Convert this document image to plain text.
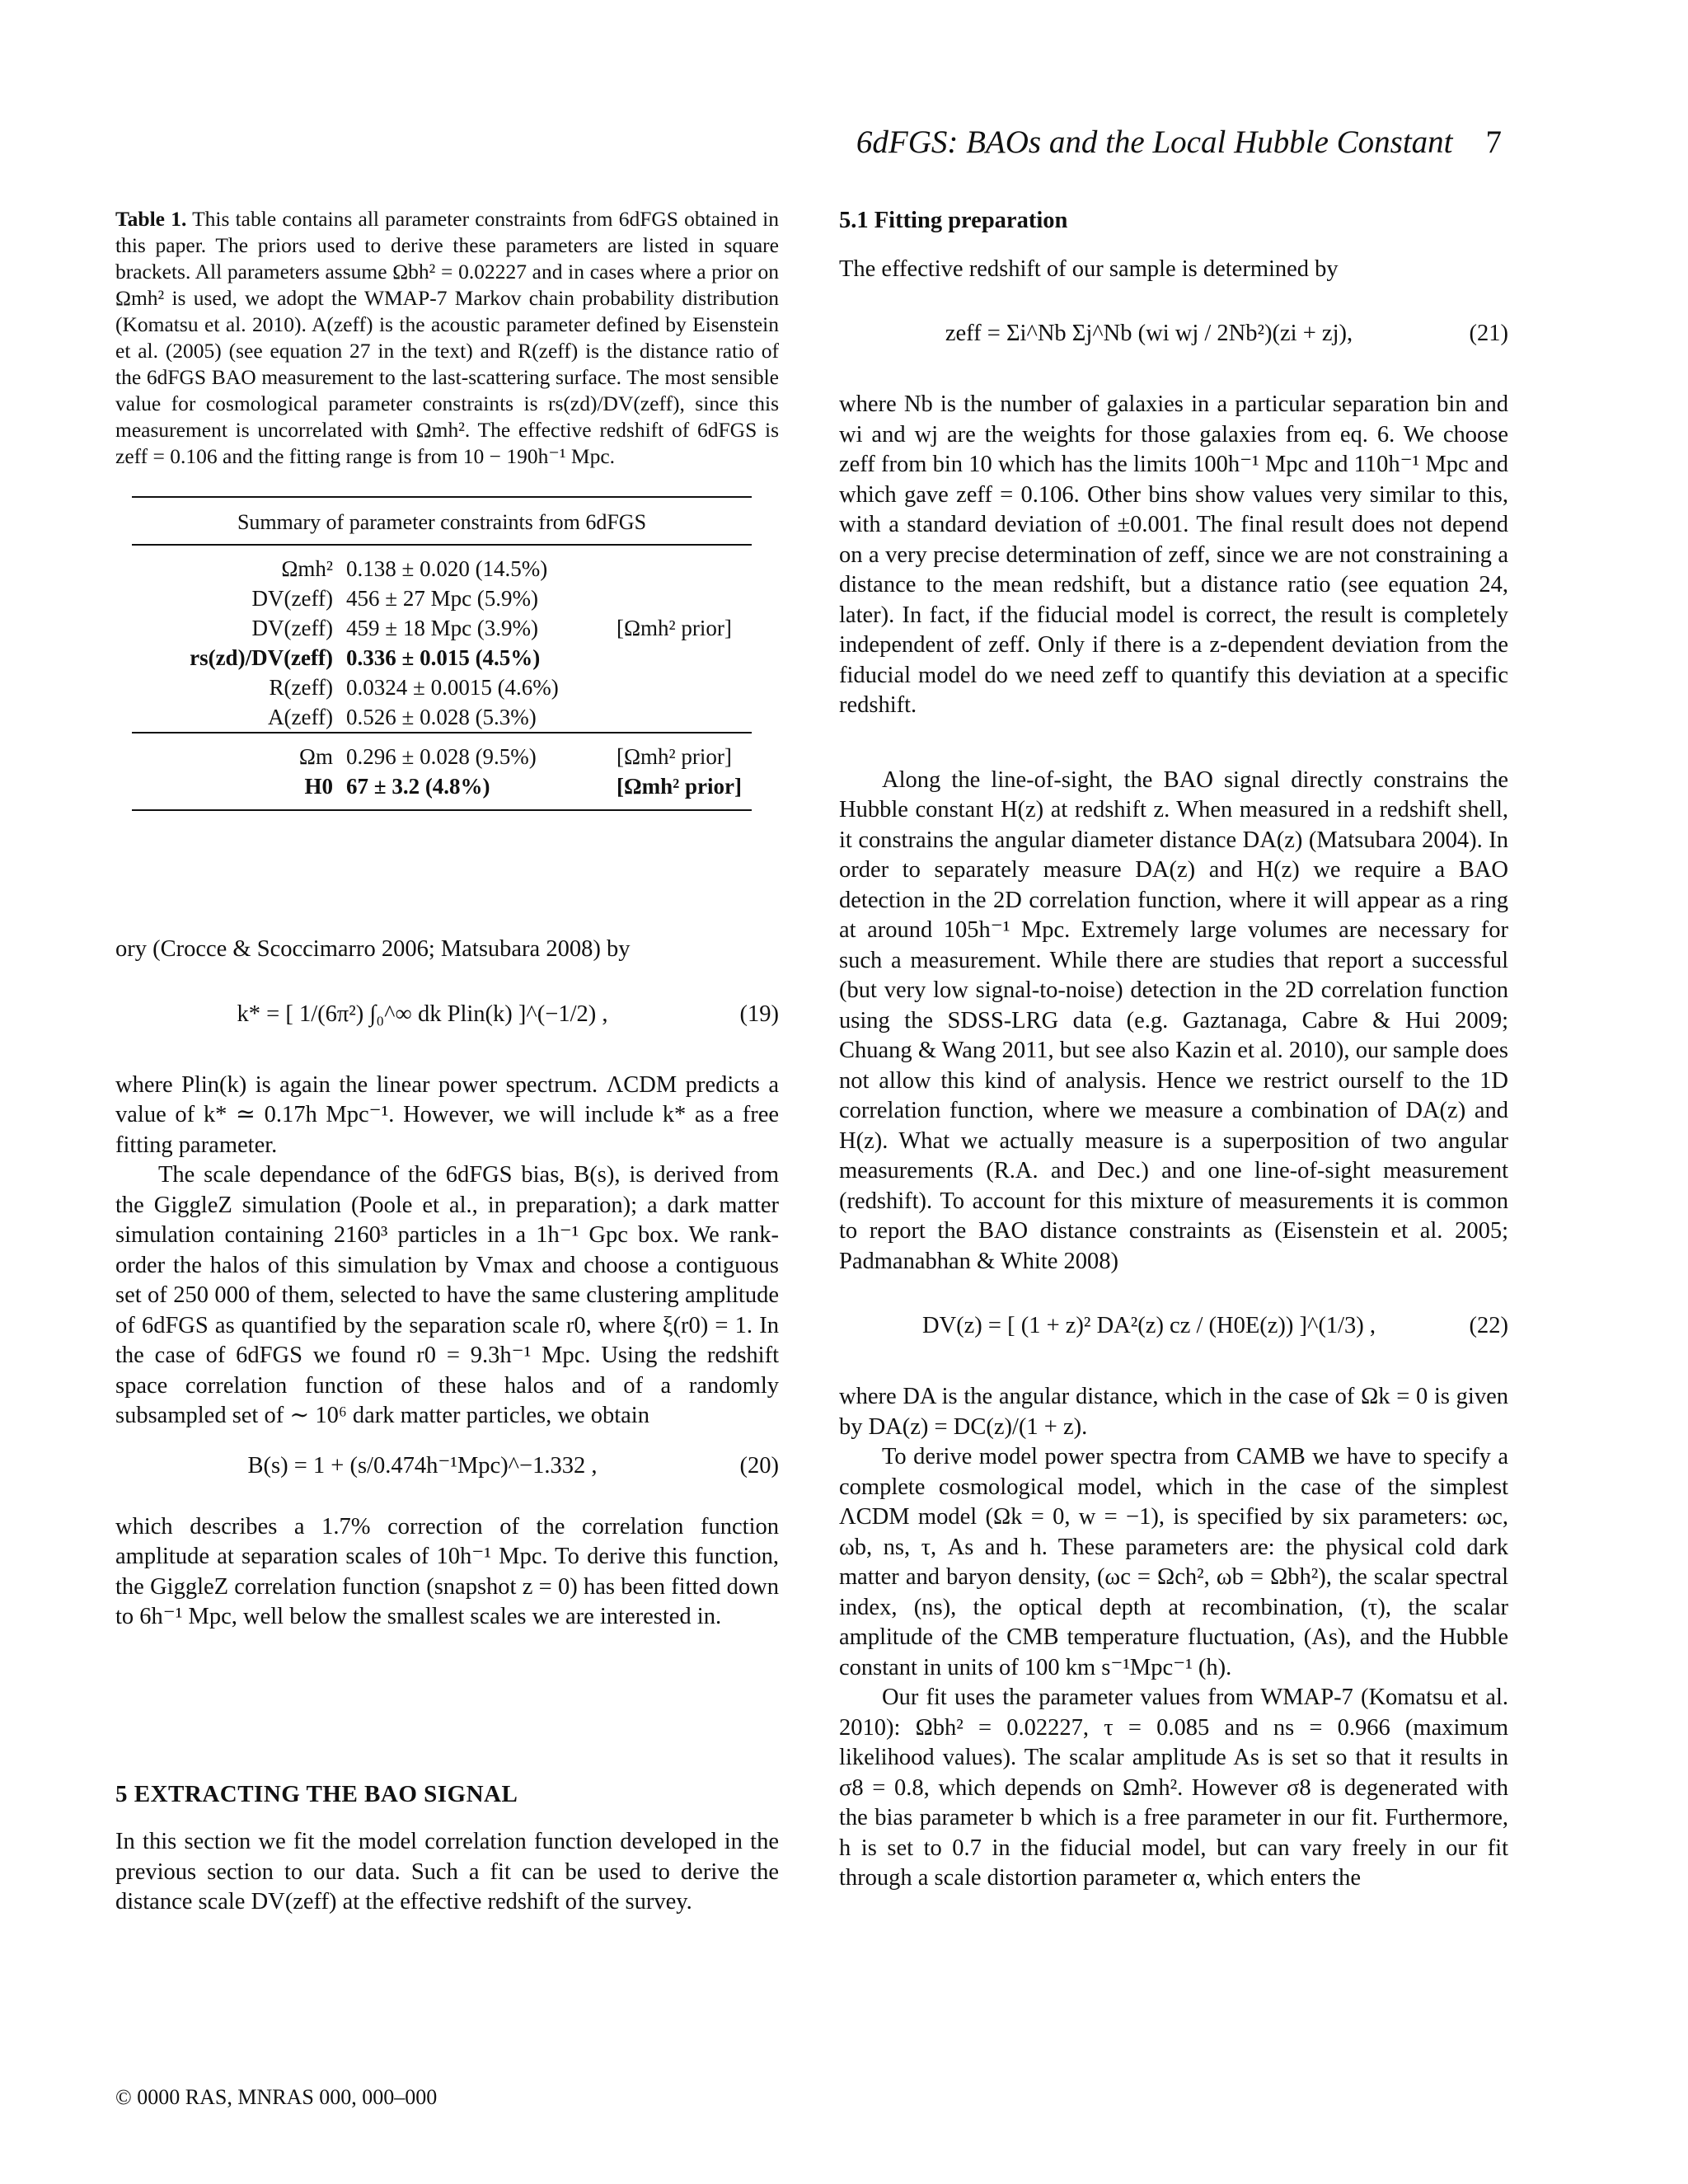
6dFGS: BAOs and the Local Hubble Constant 7

Table 1. This table contains all parameter constraints from 6dFGS obtained in this paper. The priors used to derive these parameters are listed in square brackets. All parameters assume Ωbh² = 0.02227 and in cases where a prior on Ωmh² is used, we adopt the WMAP-7 Markov chain probability distribution (Komatsu et al. 2010). A(zeff) is the acoustic parameter defined by Eisenstein et al. (2005) (see equation 27 in the text) and R(zeff) is the distance ratio of the 6dFGS BAO measurement to the last-scattering surface. The most sensible value for cosmological parameter constraints is rs(zd)/DV(zeff), since this measurement is uncorrelated with Ωmh². The effective redshift of 6dFGS is zeff = 0.106 and the fitting range is from 10 − 190h⁻¹ Mpc.

Summary of parameter constraints from 6dFGS		
Ωmh²	0.138 ± 0.020 (14.5%)	
DV(zeff)	456 ± 27 Mpc (5.9%)	
DV(zeff)	459 ± 18 Mpc (3.9%)	[Ωmh² prior]
rs(zd)/DV(zeff)	0.336 ± 0.015 (4.5%)	
R(zeff)	0.0324 ± 0.0015 (4.6%)	
A(zeff)	0.526 ± 0.028 (5.3%)	
Ωm	0.296 ± 0.028 (9.5%)	[Ωmh² prior]
H0	67 ± 3.2 (4.8%)	[Ωmh² prior]

ory (Crocce & Scoccimarro 2006; Matsubara 2008) by

k* = [ 1/(6π²) ∫₀^∞ dk Plin(k) ]^(−1/2) ,	(19)

where Plin(k) is again the linear power spectrum. ΛCDM predicts a value of k* ≃ 0.17h Mpc⁻¹. However, we will include k* as a free fitting parameter.

The scale dependance of the 6dFGS bias, B(s), is derived from the GiggleZ simulation (Poole et al., in preparation); a dark matter simulation containing 2160³ particles in a 1h⁻¹ Gpc box. We rank-order the halos of this simulation by Vmax and choose a contiguous set of 250 000 of them, selected to have the same clustering amplitude of 6dFGS as quantified by the separation scale r0, where ξ(r0) = 1. In the case of 6dFGS we found r0 = 9.3h⁻¹ Mpc. Using the redshift space correlation function of these halos and of a randomly subsampled set of ∼ 10⁶ dark matter particles, we obtain

B(s) = 1 + (s/0.474h⁻¹Mpc)^−1.332 ,	(20)

which describes a 1.7% correction of the correlation function amplitude at separation scales of 10h⁻¹ Mpc. To derive this function, the GiggleZ correlation function (snapshot z = 0) has been fitted down to 6h⁻¹ Mpc, well below the smallest scales we are interested in.

5 EXTRACTING THE BAO SIGNAL

In this section we fit the model correlation function developed in the previous section to our data. Such a fit can be used to derive the distance scale DV(zeff) at the effective redshift of the survey.

5.1 Fitting preparation

The effective redshift of our sample is determined by

zeff = Σi^Nb Σj^Nb (wi wj / 2Nb²)(zi + zj),	(21)

where Nb is the number of galaxies in a particular separation bin and wi and wj are the weights for those galaxies from eq. 6. We choose zeff from bin 10 which has the limits 100h⁻¹ Mpc and 110h⁻¹ Mpc and which gave zeff = 0.106. Other bins show values very similar to this, with a standard deviation of ±0.001. The final result does not depend on a very precise determination of zeff, since we are not constraining a distance to the mean redshift, but a distance ratio (see equation 24, later). In fact, if the fiducial model is correct, the result is completely independent of zeff. Only if there is a z-dependent deviation from the fiducial model do we need zeff to quantify this deviation at a specific redshift.

Along the line-of-sight, the BAO signal directly constrains the Hubble constant H(z) at redshift z. When measured in a redshift shell, it constrains the angular diameter distance DA(z) (Matsubara 2004). In order to separately measure DA(z) and H(z) we require a BAO detection in the 2D correlation function, where it will appear as a ring at around 105h⁻¹ Mpc. Extremely large volumes are necessary for such a measurement. While there are studies that report a successful (but very low signal-to-noise) detection in the 2D correlation function using the SDSS-LRG data (e.g. Gaztanaga, Cabre & Hui 2009; Chuang & Wang 2011, but see also Kazin et al. 2010), our sample does not allow this kind of analysis. Hence we restrict ourself to the 1D correlation function, where we measure a combination of DA(z) and H(z). What we actually measure is a superposition of two angular measurements (R.A. and Dec.) and one line-of-sight measurement (redshift). To account for this mixture of measurements it is common to report the BAO distance constraints as (Eisenstein et al. 2005; Padmanabhan & White 2008)

DV(z) = [ (1 + z)² DA²(z) cz / (H0E(z)) ]^(1/3) ,	(22)

where DA is the angular distance, which in the case of Ωk = 0 is given by DA(z) = DC(z)/(1 + z).

To derive model power spectra from CAMB we have to specify a complete cosmological model, which in the case of the simplest ΛCDM model (Ωk = 0, w = −1), is specified by six parameters: ωc, ωb, ns, τ, As and h. These parameters are: the physical cold dark matter and baryon density, (ωc = Ωch², ωb = Ωbh²), the scalar spectral index, (ns), the optical depth at recombination, (τ), the scalar amplitude of the CMB temperature fluctuation, (As), and the Hubble constant in units of 100 km s⁻¹Mpc⁻¹ (h).

Our fit uses the parameter values from WMAP-7 (Komatsu et al. 2010): Ωbh² = 0.02227, τ = 0.085 and ns = 0.966 (maximum likelihood values). The scalar amplitude As is set so that it results in σ8 = 0.8, which depends on Ωmh². However σ8 is degenerated with the bias parameter b which is a free parameter in our fit. Furthermore, h is set to 0.7 in the fiducial model, but can vary freely in our fit through a scale distortion parameter α, which enters the

© 0000 RAS, MNRAS 000, 000–000
